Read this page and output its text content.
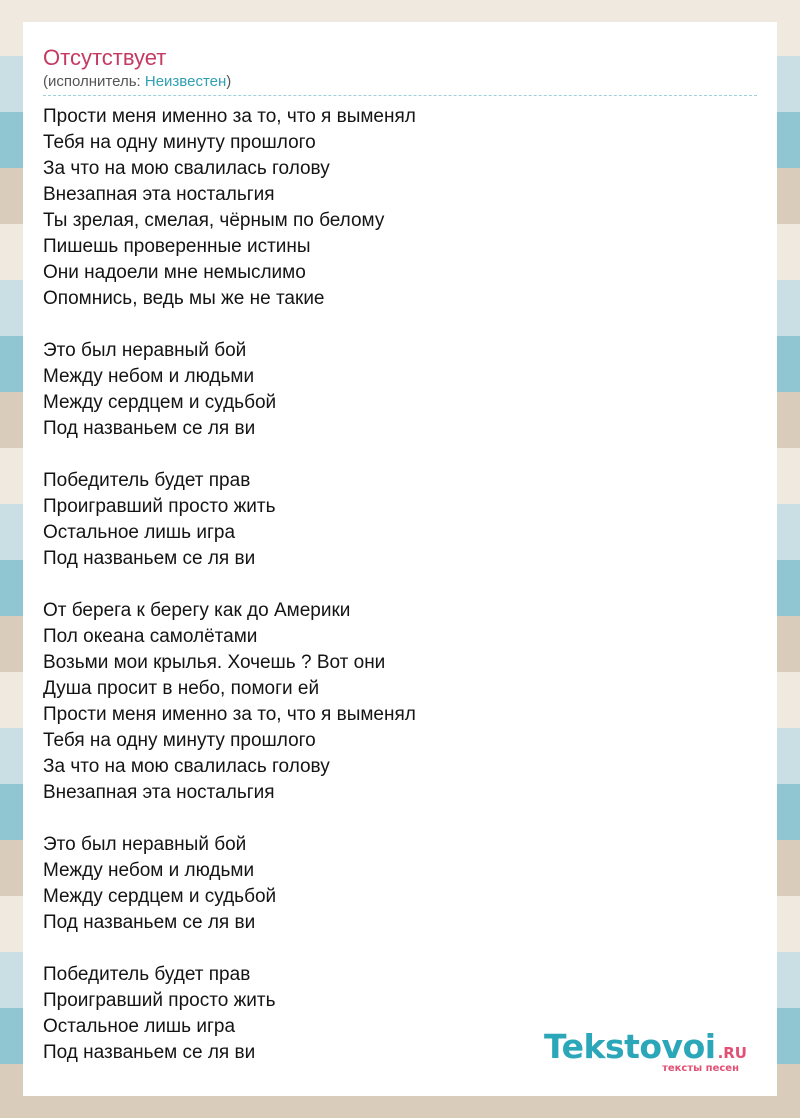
Отсутствует
(исполнитель: Неизвестен)
Прости меня именно за то, что я выменял
Тебя на одну минуту прошлого
За что на мою свалилась голову
Внезапная эта ностальгия
Ты зрелая, смелая, чёрным по белому
Пишешь проверенные истины
Они надоели мне немыслимо
Опомнись, ведь мы же не такие
Это был неравный бой
Между небом и людьми
Между сердцем и судьбой
Под названьем се ля ви
Победитель будет прав
Проигравший просто жить
Остальное лишь игра
Под названьем се ля ви
От берега к берегу как до Америки
Пол океана самолётами
Возьми мои крылья. Хочешь ? Вот они
Душа просит в небо, помоги ей
Прости меня именно за то, что я выменял
Тебя на одну минуту прошлого
За что на мою свалилась голову
Внезапная эта ностальгия
Это был неравный бой
Между небом и людьми
Между сердцем и судьбой
Под названьем се ля ви
Победитель будет прав
Проигравший просто жить
Остальное лишь игра
Под названьем се ля ви	Tekstovoi .RU
тексты песен
